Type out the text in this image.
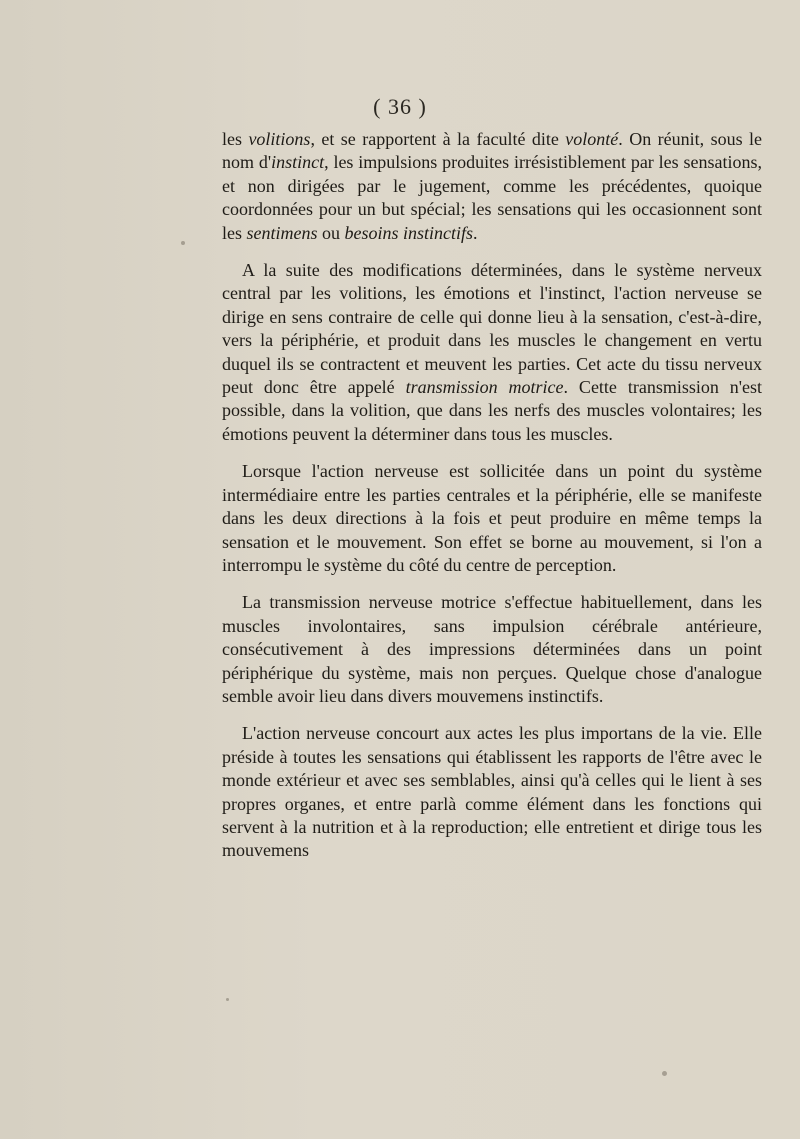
( 36 )

les volitions, et se rapportent à la faculté dite volonté. On réunit, sous le nom d'instinct, les impulsions produites irrésistiblement par les sensations, et non dirigées par le jugement, comme les précédentes, quoique coordonnées pour un but spécial; les sensations qui les occasionnent sont les sentimens ou besoins instinctifs.

A la suite des modifications déterminées, dans le système nerveux central par les volitions, les émotions et l'instinct, l'action nerveuse se dirige en sens contraire de celle qui donne lieu à la sensation, c'est-à-dire, vers la périphérie, et produit dans les muscles le changement en vertu duquel ils se contractent et meuvent les parties. Cet acte du tissu nerveux peut donc être appelé transmission motrice. Cette transmission n'est possible, dans la volition, que dans les nerfs des muscles volontaires; les émotions peuvent la déterminer dans tous les muscles.

Lorsque l'action nerveuse est sollicitée dans un point du système intermédiaire entre les parties centrales et la périphérie, elle se manifeste dans les deux directions à la fois et peut produire en même temps la sensation et le mouvement. Son effet se borne au mouvement, si l'on a interrompu le système du côté du centre de perception.

La transmission nerveuse motrice s'effectue habituellement, dans les muscles involontaires, sans impulsion cérébrale antérieure, consécutivement à des impressions déterminées dans un point périphérique du système, mais non perçues. Quelque chose d'analogue semble avoir lieu dans divers mouvemens instinctifs.

L'action nerveuse concourt aux actes les plus importans de la vie. Elle préside à toutes les sensations qui établissent les rapports de l'être avec le monde extérieur et avec ses semblables, ainsi qu'à celles qui le lient à ses propres organes, et entre parlà comme élément dans les fonctions qui servent à la nutrition et à la reproduction; elle entretient et dirige tous les mouvemens
